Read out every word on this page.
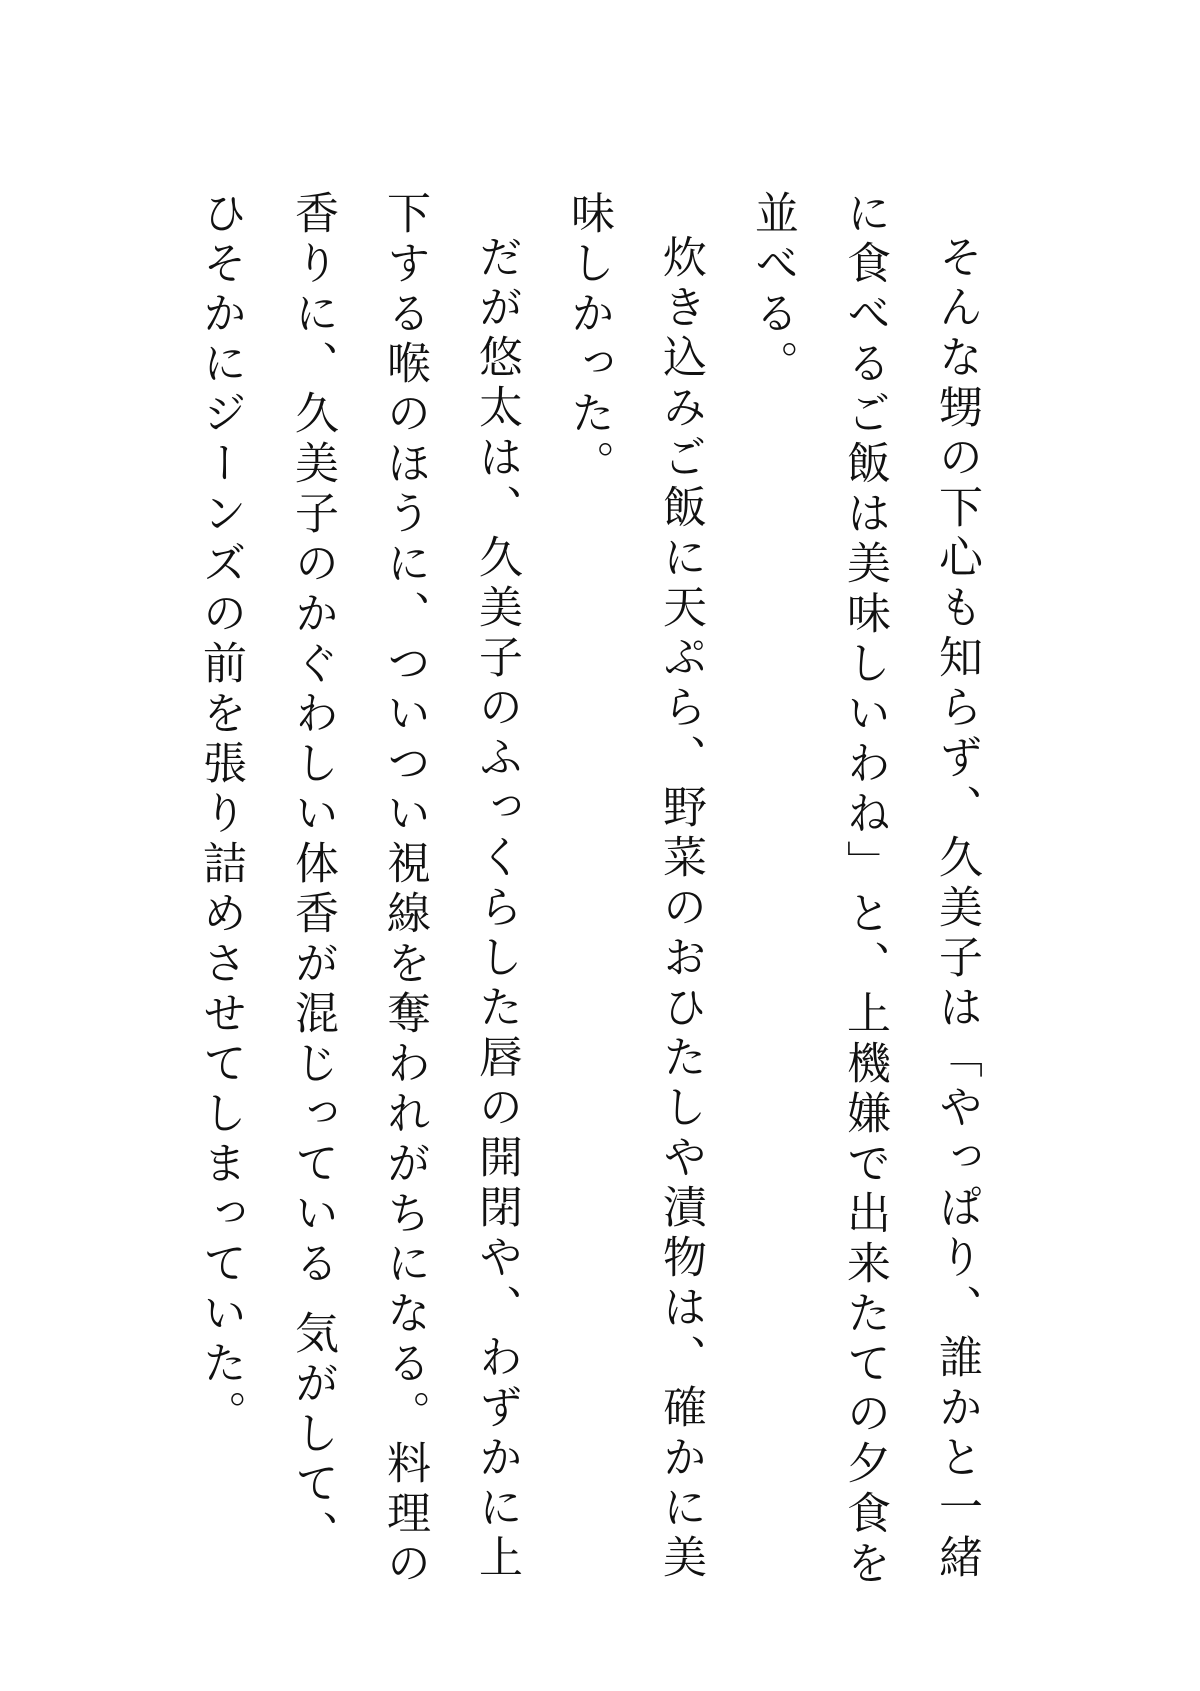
そんな甥の下心も知らず、久美子は「やっぱり、誰かと一緒に食べるご飯は美味しいわね」と、上機嫌で出来たての夕食を並べる。

炊き込みご飯に天ぷら、野菜のおひたしや漬物は、確かに美味しかった。

だが悠太は、久美子のふっくらした唇の開閉や、わずかに上下する喉のほうに、ついつい視線を奪われがちになる。料理の香りに、久美子のかぐわしい体香が混じっている 気がして、ひそかにジーンズの前を張り詰めさせてしまっていた。
